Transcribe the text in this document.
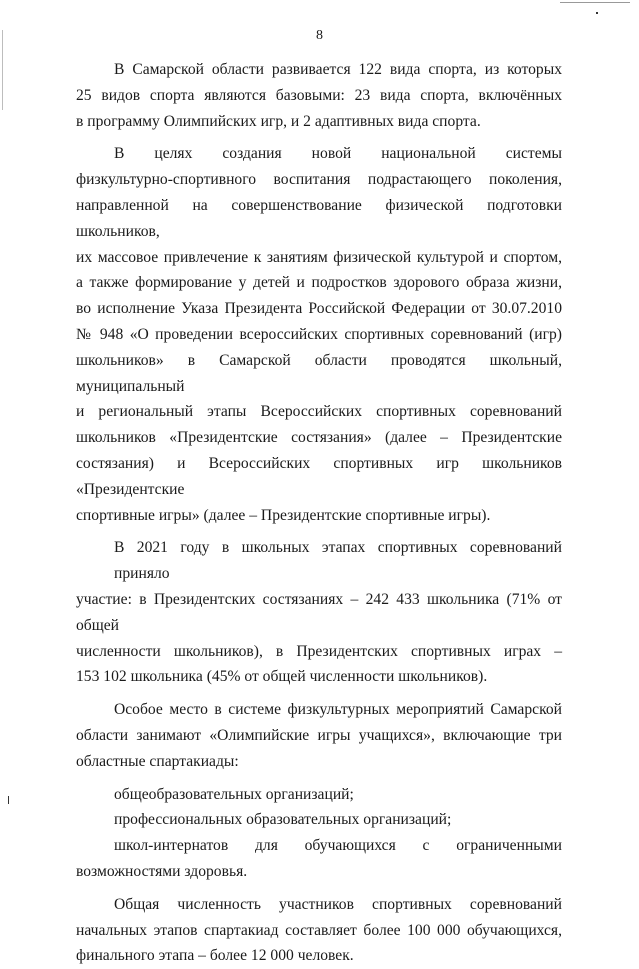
8

В Самарской области развивается 122 вида спорта, из которых
25 видов спорта являются базовыми: 23 вида спорта, включённых
в программу Олимпийских игр, и 2 адаптивных вида спорта.

В целях создания новой национальной системы
физкультурно-спортивного воспитания подрастающего поколения,
направленной на совершенствование физической подготовки школьников,
их массовое привлечение к занятиям физической культурой и спортом,
а также формирование у детей и подростков здорового образа жизни,
во исполнение Указа Президента Российской Федерации от 30.07.2010
№ 948 «О проведении всероссийских спортивных соревнований (игр)
школьников» в Самарской области проводятся школьный, муниципальный
и региональный этапы Всероссийских спортивных соревнований
школьников «Президентские состязания» (далее – Президентские
состязания) и Всероссийских спортивных игр школьников «Президентские
спортивные игры» (далее – Президентские спортивные игры).

В 2021 году в школьных этапах спортивных соревнований приняло
участие: в Президентских состязаниях – 242 433 школьника (71% от общей
численности школьников), в Президентских спортивных играх –
153 102 школьника (45% от общей численности школьников).

Особое место в системе физкультурных мероприятий Самарской
области занимают «Олимпийские игры учащихся», включающие три
областные спартакиады:

общеобразовательных организаций;
профессиональных образовательных организаций;
школ-интернатов для обучающихся с ограниченными
возможностями здоровья.

Общая численность участников спортивных соревнований
начальных этапов спартакиад составляет более 100 000 обучающихся,
финального этапа – более 12 000 человек.
